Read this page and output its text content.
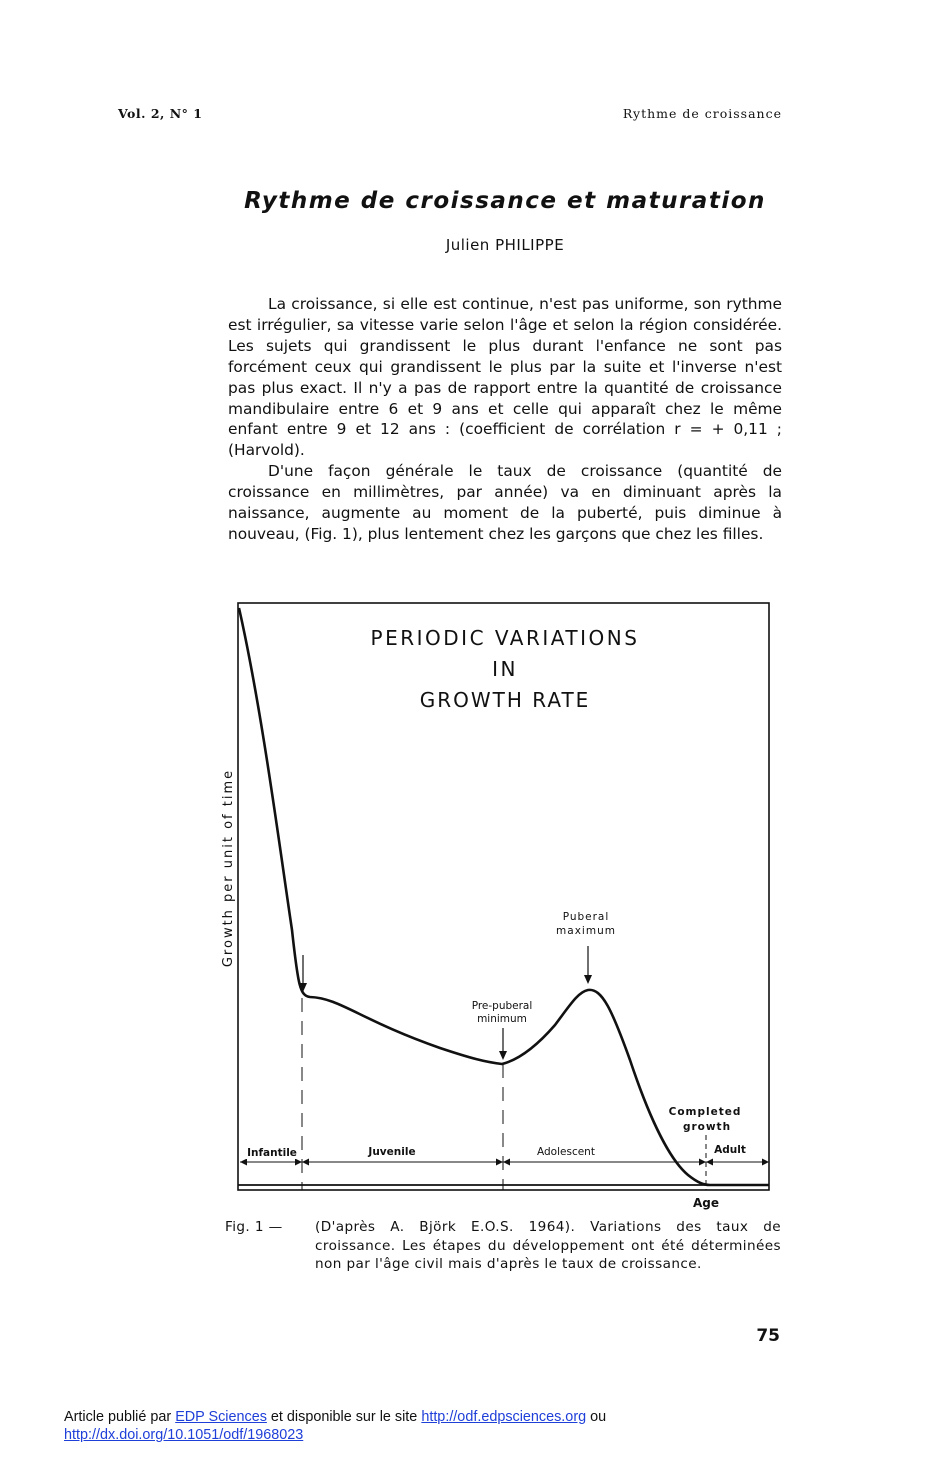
Vol. 2, N° 1	Rythme de croissance
Rythme de croissance et maturation
Julien PHILIPPE

La croissance, si elle est continue, n'est pas uniforme, son rythme est irrégulier, sa vitesse varie selon l'âge et selon la région considérée. Les sujets qui grandissent le plus durant l'enfance ne sont pas forcément ceux qui grandissent le plus par la suite et l'inverse n'est pas plus exact. Il n'y a pas de rapport entre la quantité de croissance mandibulaire entre 6 et 9 ans et celle qui apparaît chez le même enfant entre 9 et 12 ans : (coefficient de corrélation r = + 0,11 ; (Harvold).

D'une façon générale le taux de croissance (quantité de croissance en millimètres, par année) va en diminuant après la naissance, augmente au moment de la puberté, puis diminue à nouveau, (Fig. 1), plus lentement chez les garçons que chez les filles.

PERIODIC VARIATIONS
IN
GROWTH RATE
Growth per unit of time
Infantile	Juvenile	Adolescent	Adult
Puberal
maximum
Pre-puberal
minimum
Completed
growth
Age
Fig. 1 — (D'après A. Björk E.O.S. 1964). Variations des taux de croissance. Les étapes du développement ont été déterminées non par l'âge civil mais d'après le taux de croissance.
75
Article publié par EDP Sciences et disponible sur le site http://odf.edpsciences.org ou
http://dx.doi.org/10.1051/odf/1968023
